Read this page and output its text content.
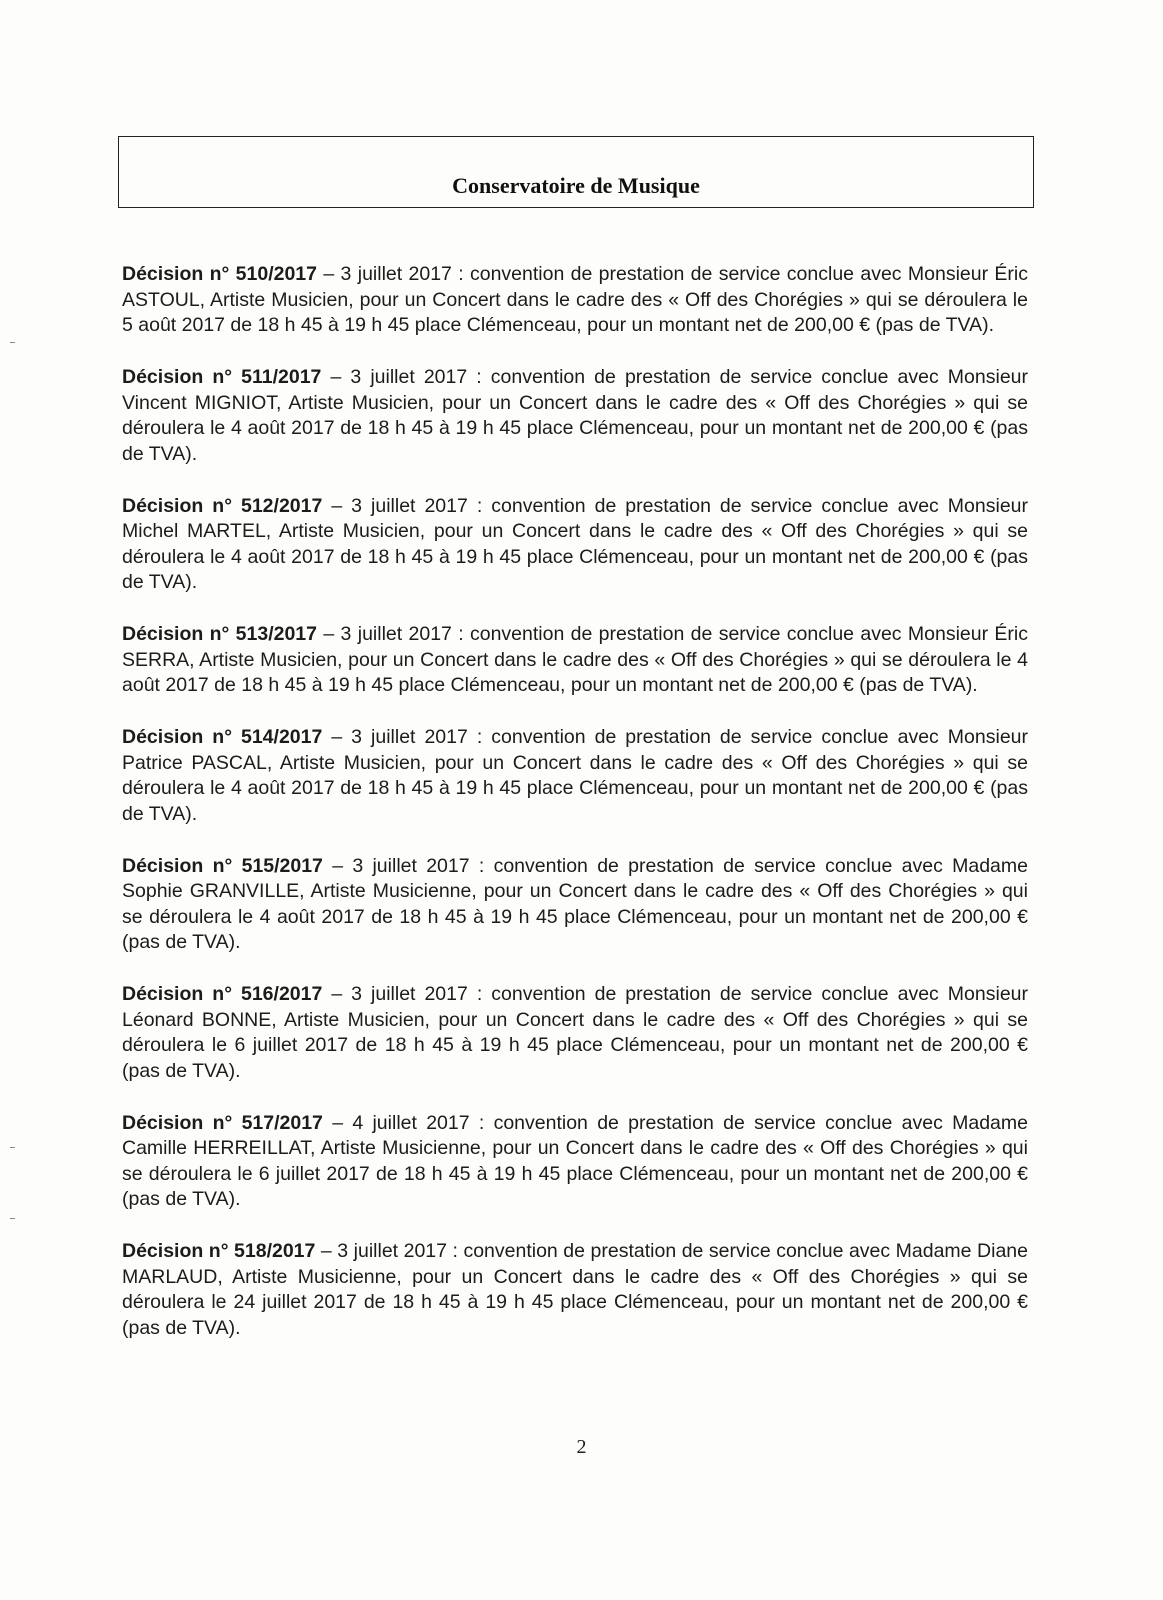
Conservatoire de Musique

Décision n° 510/2017 – 3 juillet 2017 : convention de prestation de service conclue avec Monsieur Éric ASTOUL, Artiste Musicien, pour un Concert dans le cadre des « Off des Chorégies » qui se déroulera le 5 août 2017 de 18 h 45 à 19 h 45 place Clémenceau, pour un montant net de 200,00 € (pas de TVA).

Décision n° 511/2017 – 3 juillet 2017 : convention de prestation de service conclue avec Monsieur Vincent MIGNIOT, Artiste Musicien, pour un Concert dans le cadre des « Off des Chorégies » qui se déroulera le 4 août 2017 de 18 h 45 à 19 h 45 place Clémenceau, pour un montant net de 200,00 € (pas de TVA).

Décision n° 512/2017 – 3 juillet 2017 : convention de prestation de service conclue avec Monsieur Michel MARTEL, Artiste Musicien, pour un Concert dans le cadre des « Off des Chorégies » qui se déroulera le 4 août 2017 de 18 h 45 à 19 h 45 place Clémenceau, pour un montant net de 200,00 € (pas de TVA).

Décision n° 513/2017 – 3 juillet 2017 : convention de prestation de service conclue avec Monsieur Éric SERRA, Artiste Musicien, pour un Concert dans le cadre des « Off des Chorégies » qui se déroulera le 4 août 2017 de 18 h 45 à 19 h 45 place Clémenceau, pour un montant net de 200,00 € (pas de TVA).

Décision n° 514/2017 – 3 juillet 2017 : convention de prestation de service conclue avec Monsieur Patrice PASCAL, Artiste Musicien, pour un Concert dans le cadre des « Off des Chorégies » qui se déroulera le 4 août 2017 de 18 h 45 à 19 h 45 place Clémenceau, pour un montant net de 200,00 € (pas de TVA).

Décision n° 515/2017 – 3 juillet 2017 : convention de prestation de service conclue avec Madame Sophie GRANVILLE, Artiste Musicienne, pour un Concert dans le cadre des « Off des Chorégies » qui se déroulera le 4 août 2017 de 18 h 45 à 19 h 45 place Clémenceau, pour un montant net de 200,00 € (pas de TVA).

Décision n° 516/2017 – 3 juillet 2017 : convention de prestation de service conclue avec Monsieur Léonard BONNE, Artiste Musicien, pour un Concert dans le cadre des « Off des Chorégies » qui se déroulera le 6 juillet 2017 de 18 h 45 à 19 h 45 place Clémenceau, pour un montant net de 200,00 € (pas de TVA).

Décision n° 517/2017 – 4 juillet 2017 : convention de prestation de service conclue avec Madame Camille HERREILLAT, Artiste Musicienne, pour un Concert dans le cadre des « Off des Chorégies » qui se déroulera le 6 juillet 2017 de 18 h 45 à 19 h 45 place Clémenceau, pour un montant net de 200,00 € (pas de TVA).

Décision n° 518/2017 – 3 juillet 2017 : convention de prestation de service conclue avec Madame Diane MARLAUD, Artiste Musicienne, pour un Concert dans le cadre des « Off des Chorégies » qui se déroulera le 24 juillet 2017 de 18 h 45 à 19 h 45 place Clémenceau, pour un montant net de 200,00 € (pas de TVA).

2
